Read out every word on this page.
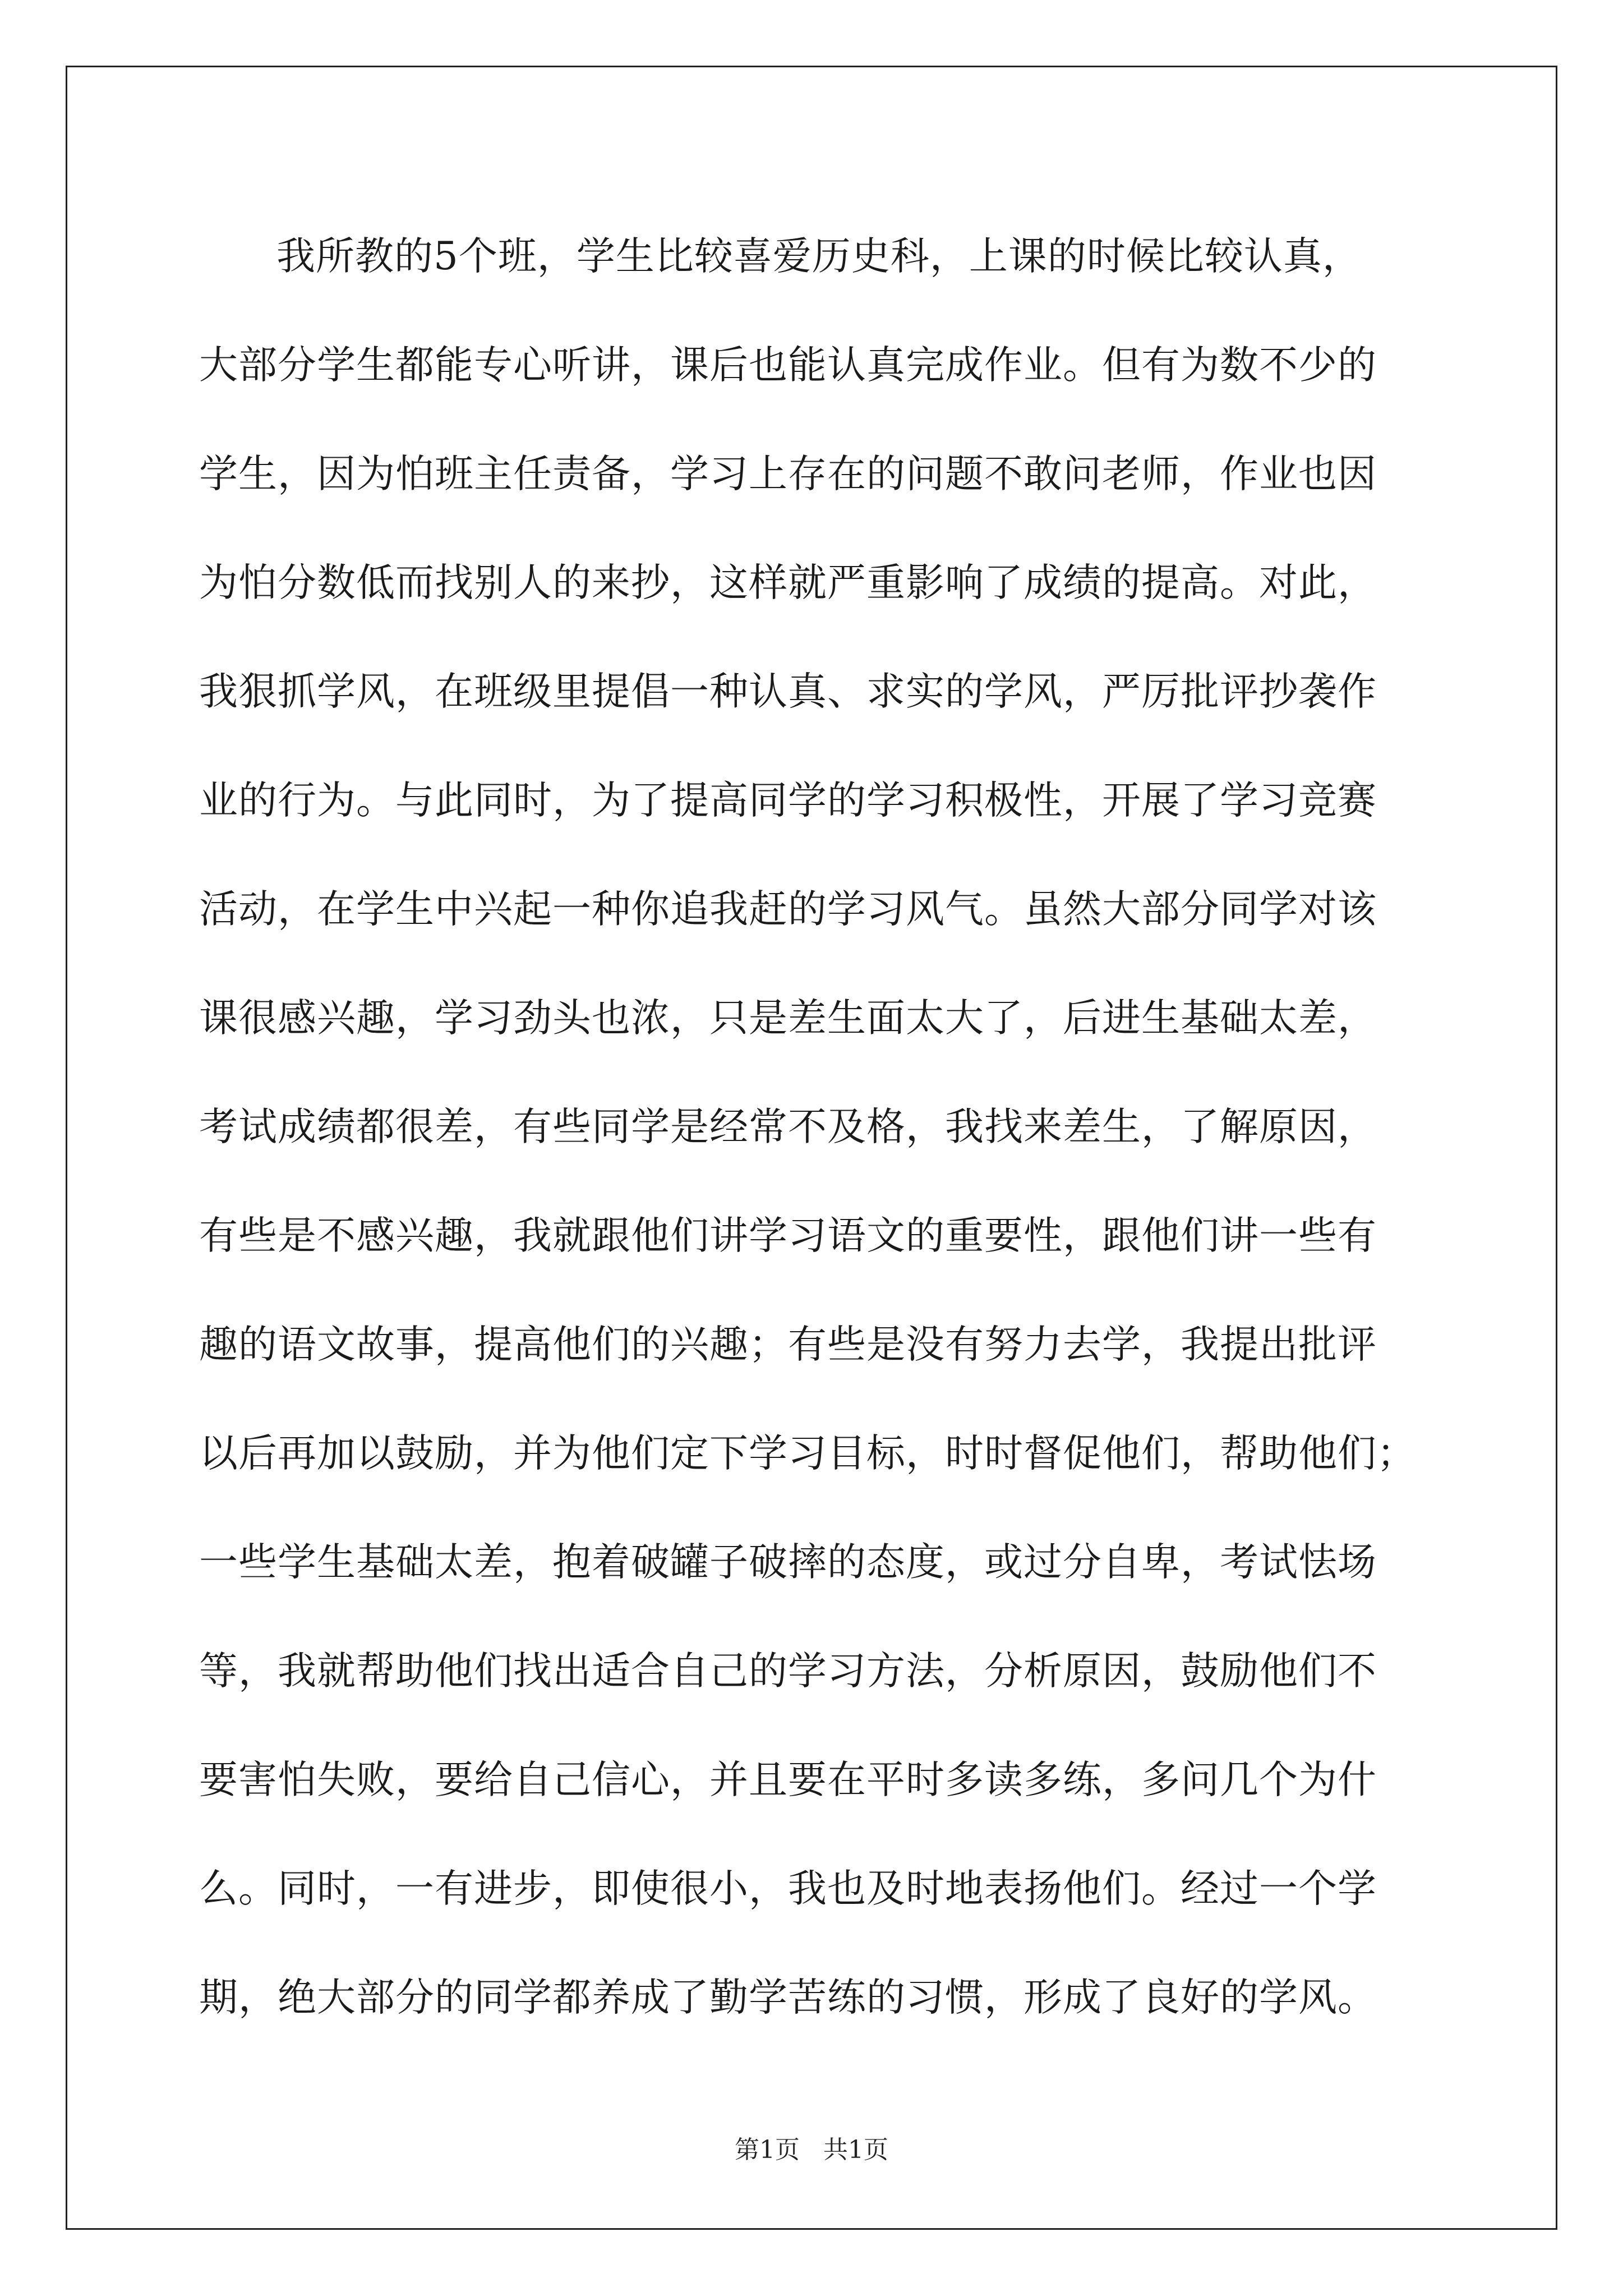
我所教的5个班，学生比较喜爱历史科，上课的时候比较认真，
大部分学生都能专心听讲，课后也能认真完成作业。但有为数不少的
学生，因为怕班主任责备，学习上存在的问题不敢问老师，作业也因
为怕分数低而找别人的来抄，这样就严重影响了成绩的提高。对此，
我狠抓学风，在班级里提倡一种认真、求实的学风，严厉批评抄袭作
业的行为。与此同时，为了提高同学的学习积极性，开展了学习竞赛
活动，在学生中兴起一种你追我赶的学习风气。虽然大部分同学对该
课很感兴趣，学习劲头也浓，只是差生面太大了，后进生基础太差，
考试成绩都很差，有些同学是经常不及格，我找来差生，了解原因，
有些是不感兴趣，我就跟他们讲学习语文的重要性，跟他们讲一些有
趣的语文故事，提高他们的兴趣；有些是没有努力去学，我提出批评
以后再加以鼓励，并为他们定下学习目标，时时督促他们，帮助他们；
一些学生基础太差，抱着破罐子破摔的态度，或过分自卑，考试怯场
等，我就帮助他们找出适合自己的学习方法，分析原因，鼓励他们不
要害怕失败，要给自己信心，并且要在平时多读多练，多问几个为什
么。同时，一有进步，即使很小，我也及时地表扬他们。经过一个学
期，绝大部分的同学都养成了勤学苦练的习惯，形成了良好的学风。
第1页 共1页
